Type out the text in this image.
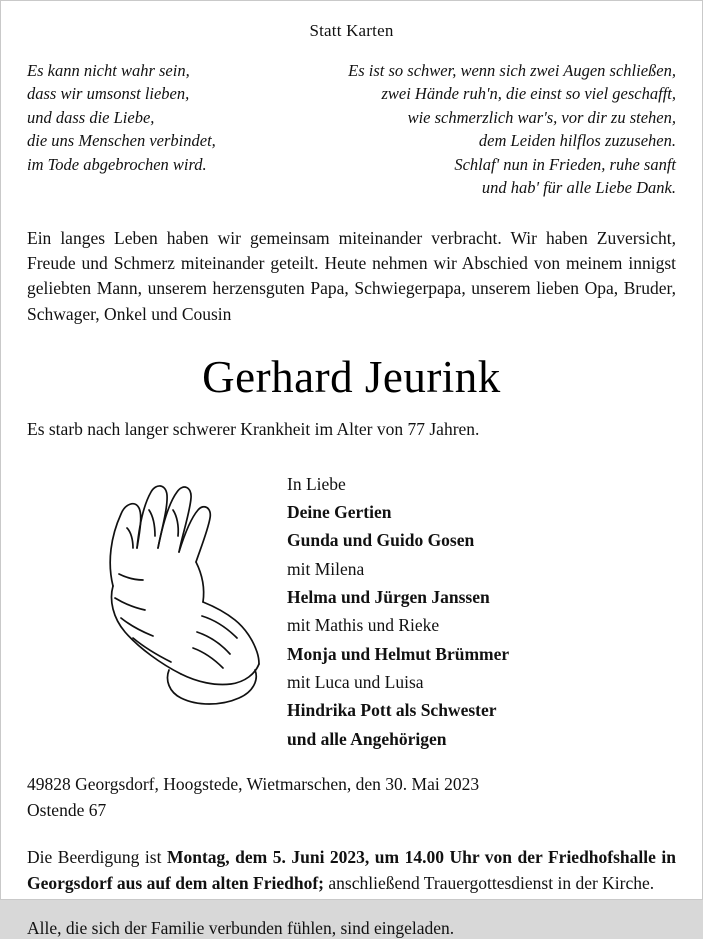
Statt Karten
Es kann nicht wahr sein,
dass wir umsonst lieben,
und dass die Liebe,
die uns Menschen verbindet,
im Tode abgebrochen wird.
Es ist so schwer, wenn sich zwei Augen schließen,
zwei Hände ruh'n, die einst so viel geschafft,
wie schmerzlich war's, vor dir zu stehen,
dem Leiden hilflos zuzusehen.
Schlaf' nun in Frieden, ruhe sanft
und hab' für alle Liebe Dank.

Ein langes Leben haben wir gemeinsam miteinander verbracht. Wir haben Zuversicht, Freude und Schmerz miteinander geteilt. Heute nehmen wir Abschied von meinem innigst geliebten Mann, unserem herzensguten Papa, Schwiegerpapa, unserem lieben Opa, Bruder, Schwager, Onkel und Cousin

Gerhard Jeurink
Es starb nach langer schwerer Krankheit im Alter von 77 Jahren.
In Liebe
Deine Gertien
Gunda und Guido Gosen
mit Milena
Helma und Jürgen Janssen
mit Mathis und Rieke
Monja und Helmut Brümmer
mit Luca und Luisa
Hindrika Pott als Schwester
und alle Angehörigen
49828 Georgsdorf, Hoogstede, Wietmarschen, den 30. Mai 2023
Ostende 67
Die Beerdigung ist Montag, dem 5. Juni 2023, um 14.00 Uhr von der Friedhofshalle in Georgsdorf aus auf dem alten Friedhof; anschließend Trauergottesdienst in der Kirche.
Alle, die sich der Familie verbunden fühlen, sind eingeladen.
